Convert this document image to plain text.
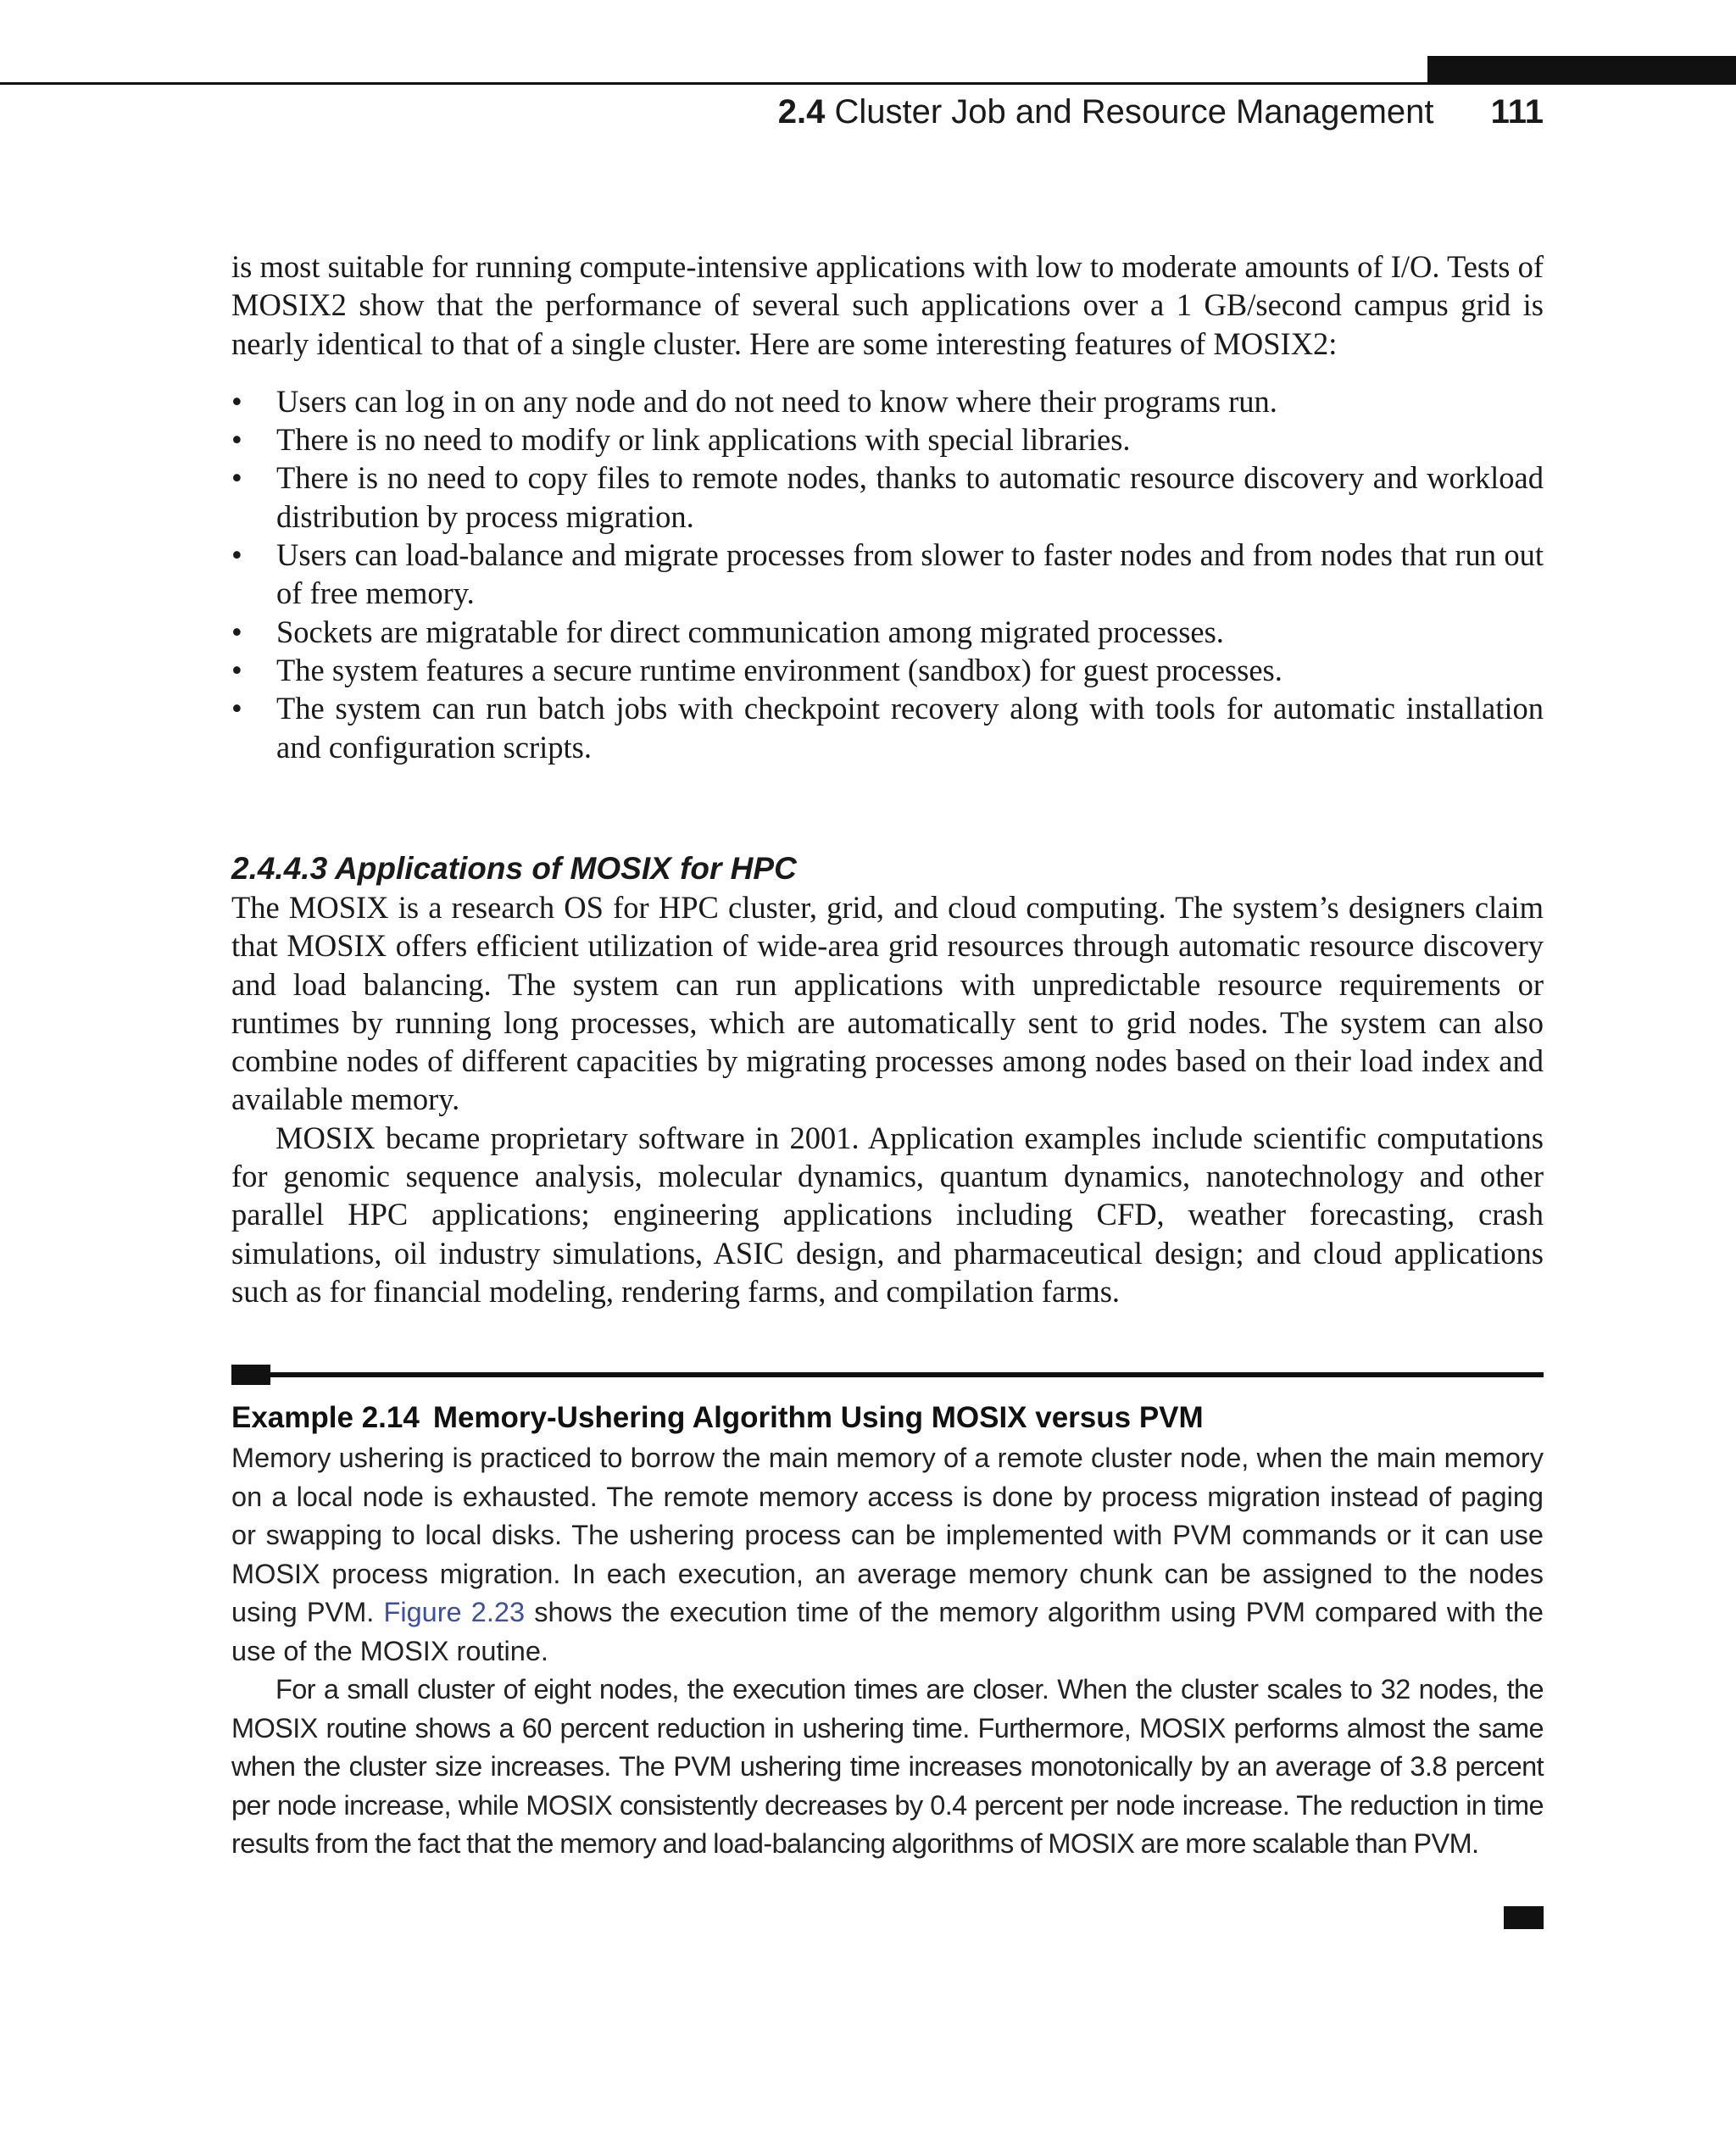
2.4 Cluster Job and Resource Management 111

is most suitable for running compute-intensive applications with low to moderate amounts of I/O. Tests of MOSIX2 show that the performance of several such applications over a 1 GB/second campus grid is nearly identical to that of a single cluster. Here are some interesting features of MOSIX2:

• Users can log in on any node and do not need to know where their programs run.
• There is no need to modify or link applications with special libraries.
• There is no need to copy files to remote nodes, thanks to automatic resource discovery and workload distribution by process migration.
• Users can load-balance and migrate processes from slower to faster nodes and from nodes that run out of free memory.
• Sockets are migratable for direct communication among migrated processes.
• The system features a secure runtime environment (sandbox) for guest processes.
• The system can run batch jobs with checkpoint recovery along with tools for automatic installation and configuration scripts.
2.4.4.3 Applications of MOSIX for HPC

The MOSIX is a research OS for HPC cluster, grid, and cloud computing. The system’s designers claim that MOSIX offers efficient utilization of wide-area grid resources through automatic resource discovery and load balancing. The system can run applications with unpredictable resource requirements or runtimes by running long processes, which are automatically sent to grid nodes. The system can also combine nodes of different capacities by migrating processes among nodes based on their load index and available memory.

MOSIX became proprietary software in 2001. Application examples include scientific computations for genomic sequence analysis, molecular dynamics, quantum dynamics, nanotechnology and other parallel HPC applications; engineering applications including CFD, weather forecasting, crash simulations, oil industry simulations, ASIC design, and pharmaceutical design; and cloud applications such as for financial modeling, rendering farms, and compilation farms.

Example 2.14 Memory-Ushering Algorithm Using MOSIX versus PVM

Memory ushering is practiced to borrow the main memory of a remote cluster node, when the main memory on a local node is exhausted. The remote memory access is done by process migration instead of paging or swapping to local disks. The ushering process can be implemented with PVM commands or it can use MOSIX process migration. In each execution, an average memory chunk can be assigned to the nodes using PVM. Figure 2.23 shows the execution time of the memory algorithm using PVM compared with the use of the MOSIX routine.

For a small cluster of eight nodes, the execution times are closer. When the cluster scales to 32 nodes, the MOSIX routine shows a 60 percent reduction in ushering time. Furthermore, MOSIX performs almost the same when the cluster size increases. The PVM ushering time increases monotonically by an average of 3.8 percent per node increase, while MOSIX consistently decreases by 0.4 percent per node increase. The reduction in time results from the fact that the memory and load-balancing algorithms of MOSIX are more scalable than PVM.
